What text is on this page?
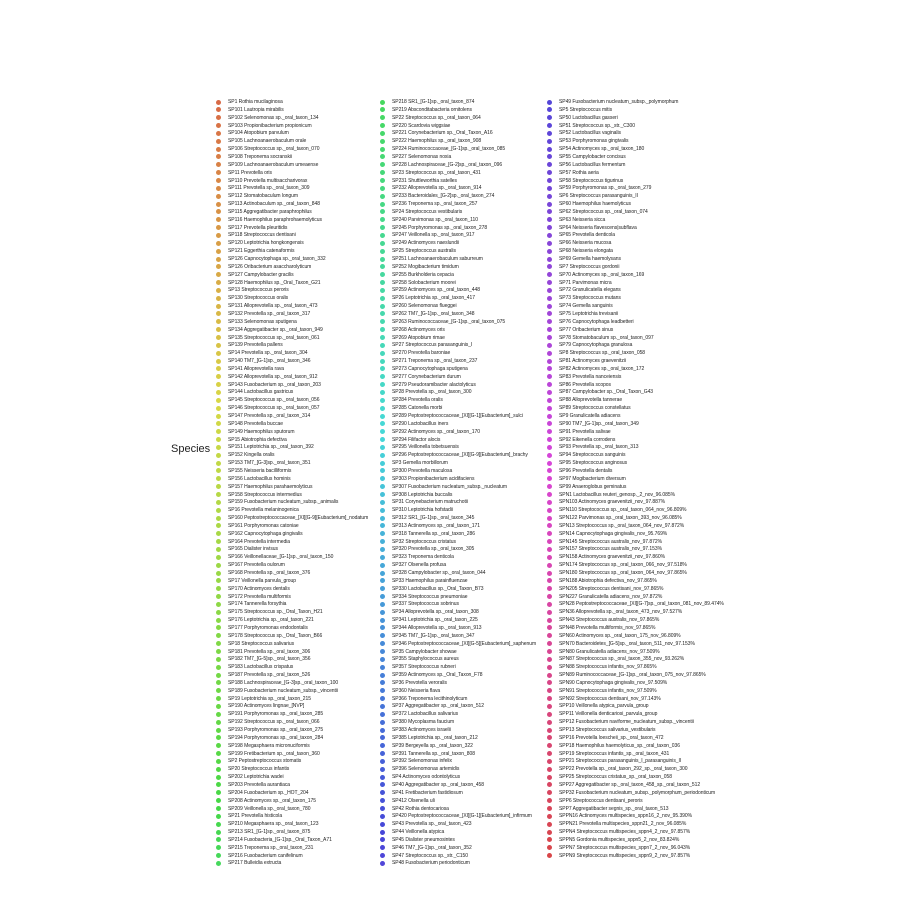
Species
SP1 Rothia mucilaginosa
SP101 Lautropia mirabilis
SP102 Selenomonas sp._oral_taxon_134
SP103 Propionibacterium propionicum
SP104 Atopobium parvulum
SP105 Lachnoanaerobaculum orale
SP106 Streptococcus sp._oral_taxon_070
SP108 Treponema socranskii
SP109 Lachnoanaerobaculum umeaense
SP11 Prevotella oris
SP110 Prevotella multisaccharivorax
SP111 Prevotella sp._oral_taxon_309
SP112 Stomatobaculum longum
SP113 Actinobaculum sp._oral_taxon_848
SP115 Aggregatibacter paraphrophilus
SP116 Haemophilus paraphrohaemolyticus
SP117 Prevotella pleuritidis
SP118 Streptococcus dentisani
SP120 Leptotrichia hongkongensis
SP121 Eggerthia catenaformis
SP126 Capnocytophaga sp._oral_taxon_332
SP126 Oribacterium asaccharolyticum
SP127 Campylobacter gracilis
SP128 Haemophilus sp._Oral_Taxon_G21
SP13 Streptococcus peroris
SP130 Streptococcus oralis
SP131 Alloprevotella sp._oral_taxon_473
SP132 Prevotella sp._oral_taxon_317
SP133 Selenomonas sputigena
SP134 Aggregatibacter sp._oral_taxon_949
SP135 Streptococcus sp._oral_taxon_061
SP139 Prevotella pallens
SP14 Prevotella sp._oral_taxon_304
SP140 TM7_[G-1]sp._oral_taxon_346
SP141 Alloprevotella rava
SP142 Alloprevotella sp._oral_taxon_912
SP143 Fusobacterium sp._oral_taxon_203
SP144 Lactobacillus gastricus
SP145 Streptococcus sp._oral_taxon_056
SP146 Streptococcus sp._oral_taxon_057
SP147 Prevotella sp._oral_taxon_314
SP148 Prevotella buccae
SP149 Haemophilus sputorum
SP15 Abiotrophia defectiva
SP151 Leptotrichia sp._oral_taxon_392
SP152 Kingella oralis
SP153 TM7_[G-3]sp._oral_taxon_351
SP155 Neisseria bacilliformis
SP156 Lactobacillus hominis
SP157 Haemophilus parahaemolyticus
SP158 Streptococcus intermedius
SP159 Fusobacterium nucleatum_subsp._animalis
SP16 Prevotella melaninogenica
SP160 Peptostreptococcaceae_[XI][G-9][Eubacterium]_nodatum
SP161 Porphyromonas catoniae
SP162 Capnocytophaga gingivalis
SP164 Prevotella intermedia
SP165 Dialister invisus
SP166 Veillonellaceae_[G-1]sp._oral_taxon_150
SP167 Prevotella oulorum
SP168 Prevotella sp._oral_taxon_376
SP17 Veillonella parvula_group
SP170 Actinomyces dentalis
SP172 Prevotella multiformis
SP174 Tannerella forsythia
SP175 Streptococcus sp._Oral_Taxon_H21
SP176 Leptotrichia sp._oral_taxon_221
SP177 Porphyromonas endodontalis
SP178 Streptococcus sp._Oral_Taxon_B66
SP18 Streptococcus salivarius
SP181 Prevotella sp._oral_taxon_306
SP182 TM7_[G-5]sp._oral_taxon_356
SP183 Lactobacillus crispatus
SP187 Prevotella sp._oral_taxon_526
SP188 Lachnospiraceae_[G-3]sp._oral_taxon_100
SP189 Fusobacterium nucleatum_subsp._vincentii
SP19 Leptotrichia sp._oral_taxon_215
SP190 Actinomyces lingnae_[NVP]
SP191 Porphyromonas sp._oral_taxon_285
SP192 Streptococcus sp._oral_taxon_066
SP193 Porphyromonas sp._oral_taxon_275
SP194 Porphyromonas sp._oral_taxon_284
SP198 Megasphaera micronuciformis
SP199 Fretibacterium sp._oral_taxon_360
SP2 Peptostreptococcus stomatis
SP20 Streptococcus infantis
SP202 Leptotrichia wadei
SP203 Prevotella aurantiaca
SP204 Fusobacterium sp._HOT_204
SP208 Actinomyces sp._oral_taxon_175
SP209 Veillonella sp._oral_taxon_780
SP21 Prevotella histicola
SP210 Megasphaera sp._oral_taxon_123
SP213 SR1_[G-1]sp._oral_taxon_875
SP214 Fusobacteria_[G-1]sp._Oral_Taxon_A71
SP215 Treponema sp._oral_taxon_231
SP216 Fusobacterium canifelinum
SP217 Bulleidia extructa
SP218 SR1_[G-1]sp._oral_taxon_874
SP219 Absconditabacteria ornitolens
SP22 Streptococcus sp._oral_taxon_064
SP220 Scardovia wiggsiae
SP221 Corynebacterium sp._Oral_Taxon_A16
SP222 Haemophilus sp._oral_taxon_908
SP224 Ruminococcaceae_[G-1]sp._oral_taxon_085
SP227 Selenomonas noxia
SP228 Lachnospiraceae_[G-2]sp._oral_taxon_096
SP23 Streptococcus sp._oral_taxon_431
SP231 Shuttleworthia satelles
SP232 Alloprevotella sp._oral_taxon_914
SP233 Bacteroidales_[G-2]sp._oral_taxon_274
SP236 Treponema sp._oral_taxon_257
SP24 Streptococcus vestibularis
SP240 Parvimonas sp._oral_taxon_110
SP245 Porphyromonas sp._oral_taxon_278
SP247 Veillonella sp._oral_taxon_917
SP249 Actinomyces naeslundii
SP25 Streptococcus australis
SP251 Lachnoanaerobaculum saburreum
SP252 Mogibacterium timidum
SP255 Burkholderia cepacia
SP258 Solobacterium moorei
SP259 Actinomyces sp._oral_taxon_448
SP26 Leptotrichia sp._oral_taxon_417
SP260 Selenomonas flueggei
SP262 TM7_[G-1]sp._oral_taxon_348
SP263 Ruminococcaceae_[G-1]sp._oral_taxon_075
SP268 Actinomyces oris
SP269 Atopobium rimae
SP27 Streptococcus parasanguinis_I
SP270 Prevotella baroniae
SP271 Treponema sp._oral_taxon_237
SP273 Capnocytophaga sputigena
SP277 Corynebacterium durum
SP279 Pseudoramibacter alactolyticus
SP28 Prevotella sp._oral_taxon_300
SP284 Prevotella oralis
SP285 Catonella morbi
SP289 Peptostreptococcaceae_[XI][G-1][Eubacterium]_sulci
SP290 Lactobacillus iners
SP292 Actinomyces sp._oral_taxon_170
SP294 Filifactor alocis
SP295 Veillonella tobetsuensis
SP296 Peptostreptococcaceae_[XI][G-9][Eubacterium]_brachy
SP3 Gemella morbillorum
SP300 Prevotella maculosa
SP303 Propionibacterium acidifaciens
SP307 Fusobacterium nucleatum_subsp._nucleatum
SP308 Leptotrichia buccalis
SP31 Corynebacterium matruchotii
SP310 Leptotrichia hofstadii
SP312 SR1_[G-1]sp._oral_taxon_345
SP313 Actinomyces sp._oral_taxon_171
SP318 Tannerella sp._oral_taxon_286
SP32 Streptococcus cristatus
SP320 Prevotella sp._oral_taxon_305
SP323 Treponema denticola
SP327 Olsenella profusa
SP328 Campylobacter sp._oral_taxon_044
SP33 Haemophilus parainfluenzae
SP330 Lactobacillus sp._Oral_Taxon_B73
SP334 Streptococcus pneumoniae
SP337 Streptococcus sobrinus
SP34 Alloprevotella sp._oral_taxon_308
SP341 Leptotrichia sp._oral_taxon_225
SP344 Alloprevotella sp._oral_taxon_913
SP345 TM7_[G-1]sp._oral_taxon_347
SP346 Peptostreptococcaceae_[XI][G-5][Eubacterium]_saphenum
SP35 Campylobacter showae
SP355 Staphylococcus aureus
SP357 Streptococcus rubneri
SP359 Actinomyces sp._Oral_Taxon_F78
SP36 Prevotella veroralis
SP360 Neisseria flava
SP366 Treponema lecithinolyticum
SP37 Aggregatibacter sp._oral_taxon_512
SP372 Lactobacillus salivarius
SP380 Mycoplasma faucium
SP383 Actinomyces israelii
SP385 Leptotrichia sp._oral_taxon_212
SP39 Bergeyella sp._oral_taxon_322
SP391 Tannerella sp._oral_taxon_808
SP392 Selenomonas infelix
SP396 Selenomonas artemidis
SP4 Actinomyces odontolyticus
SP40 Aggregatibacter sp._oral_taxon_458
SP41 Fretibacterium fastidiosum
SP412 Olsenella uli
SP42 Rothia dentocariosa
SP420 Peptostreptococcaceae_[XI][G-1][Eubacterium]_infirmum
SP43 Prevotella sp._oral_taxon_423
SP44 Veillonella atypica
SP45 Dialister pneumosintes
SP46 TM7_[G-1]sp._oral_taxon_352
SP47 Streptococcus sp._str._C150
SP48 Fusobacterium periodonticum
SP49 Fusobacterium nucleatum_subsp._polymorphum
SP5 Streptococcus mitis
SP50 Lactobacillus gasseri
SP51 Streptococcus sp._str._C300
SP52 Lactobacillus vaginalis
SP53 Porphyromonas gingivalis
SP54 Actinomyces sp._oral_taxon_180
SP55 Campylobacter concisus
SP56 Lactobacillus fermentum
SP57 Rothia aeria
SP58 Streptococcus tigurinus
SP59 Porphyromonas sp._oral_taxon_279
SP6 Streptococcus parasanguinis_II
SP60 Haemophilus haemolyticus
SP62 Streptococcus sp._oral_taxon_074
SP63 Neisseria sicca
SP64 Neisseria flavescens|subflava
SP65 Prevotella denticola
SP66 Neisseria mucosa
SP68 Neisseria elongata
SP69 Gemella haemolysans
SP7 Streptococcus gordonii
SP70 Actinomyces sp._oral_taxon_169
SP71 Parvimonas micra
SP72 Granulicatella elegans
SP73 Streptococcus mutans
SP74 Gemella sanguinis
SP75 Leptotrichia trevisanii
SP76 Capnocytophaga leadbetteri
SP77 Oribacterium sinus
SP78 Stomatobaculum sp._oral_taxon_097
SP79 Capnocytophaga granulosa
SP8 Streptococcus sp._oral_taxon_058
SP81 Actinomyces graevenitzii
SP82 Actinomyces sp._oral_taxon_172
SP83 Prevotella nanceiensis
SP86 Prevotella scopos
SP87 Campylobacter sp._Oral_Taxon_G43
SP88 Alloprevotella tannerae
SP89 Streptococcus constellatus
SP9 Granulicatella adiacens
SP90 TM7_[G-1]sp._oral_taxon_349
SP91 Prevotella salivae
SP92 Eikenella corrodens
SP93 Prevotella sp._oral_taxon_313
SP94 Streptococcus sanguinis
SP95 Streptococcus anginosus
SP96 Prevotella dentalis
SP97 Mogibacterium diversum
SP99 Anaeroglobus geminatus
SPN1 Lactobacillus reuteri_genosp._2_nov_96.085%
SPN103 Actinomyces graevenitzii_nov_97.887%
SPN110 Streptococcus sp._oral_taxon_064_nov_96.809%
SPN122 Parvimonas sp._oral_taxon_393_nov_96.085%
SPN13 Streptococcus sp._oral_taxon_064_nov_97.872%
SPN14 Capnocytophaga gingivalis_nov_95.769%
SPN145 Streptococcus australis_nov_97.872%
SPN157 Streptococcus australis_nov_97.153%
SPN158 Actinomyces graevenitzii_nov_97.860%
SPN174 Streptococcus sp._oral_taxon_066_nov_97.518%
SPN180 Streptococcus sp._oral_taxon_064_nov_97.865%
SPN188 Abiotrophia defectiva_nov_97.865%
SPN205 Streptococcus dentisani_nov_97.865%
SPN227 Granulicatella adiacens_nov_97.872%
SPN28 Peptostreptococcaceae_[XI][G-7]sp._oral_taxon_081_nov_89.474%
SPN36 Alloprevotella sp._oral_taxon_473_nov_97.527%
SPN43 Streptococcus australis_nov_97.865%
SPN48 Prevotella multiformis_nov_97.865%
SPN60 Actinomyces sp._oral_taxon_175_nov_96.809%
SPN70 Bacteroidetes_[G-5]sp._oral_taxon_511_nov_97.153%
SPN80 Granulicatella adiacens_nov_97.509%
SPN87 Streptococcus sp._oral_taxon_355_nov_93.262%
SPN88 Streptococcus infantis_nov_97.865%
SPN89 Ruminococcaceae_[G-1]sp._oral_taxon_075_nov_97.865%
SPN90 Capnocytophaga gingivalis_nov_97.509%
SPN91 Streptococcus infantis_nov_97.509%
SPN92 Streptococcus dentisani_nov_97.143%
SPP10 Veillonella atypica_parvula_group
SPP11 Veillonella denticariosi_parvula_group
SPP12 Fusobacterium naviforme_nucleatum_subsp._vincentii
SPP13 Streptococcus salivarius_vestibularis
SPP16 Prevotella loescheii_sp._oral_taxon_472
SPP18 Haemophilus haemolyticus_sp._oral_taxon_036
SPP19 Streptococcus infantis_sp._oral_taxon_431
SPP21 Streptococcus parasanguinis_I_parasanguinis_II
SPP22 Prevotella sp._oral_taxon_292_sp._oral_taxon_300
SPP25 Streptococcus cristatus_sp._oral_taxon_058
SPP27 Aggregatibacter sp._oral_taxon_458_sp._oral_taxon_512
SPP32 Fusobacterium nucleatum_subsp._polymorphum_periodonticum
SPP6 Streptococcus dentisani_peroris
SPP7 Aggregatibacter segnis_sp._oral_taxon_513
SPPN16 Actinomyces multispecies_sppn16_2_nov_95.390%
SPPN21 Prevotella multispecies_sppn21_2_nov_96.085%
SPPN4 Streptococcus multispecies_sppn4_2_nov_97.857%
SPPN5 Gordonia multispecies_sppn5_2_nov_83.824%
SPPN7 Streptococcus multispecies_sppn7_2_nov_96.043%
SPPN9 Streptococcus multispecies_sppn9_2_nov_97.857%
